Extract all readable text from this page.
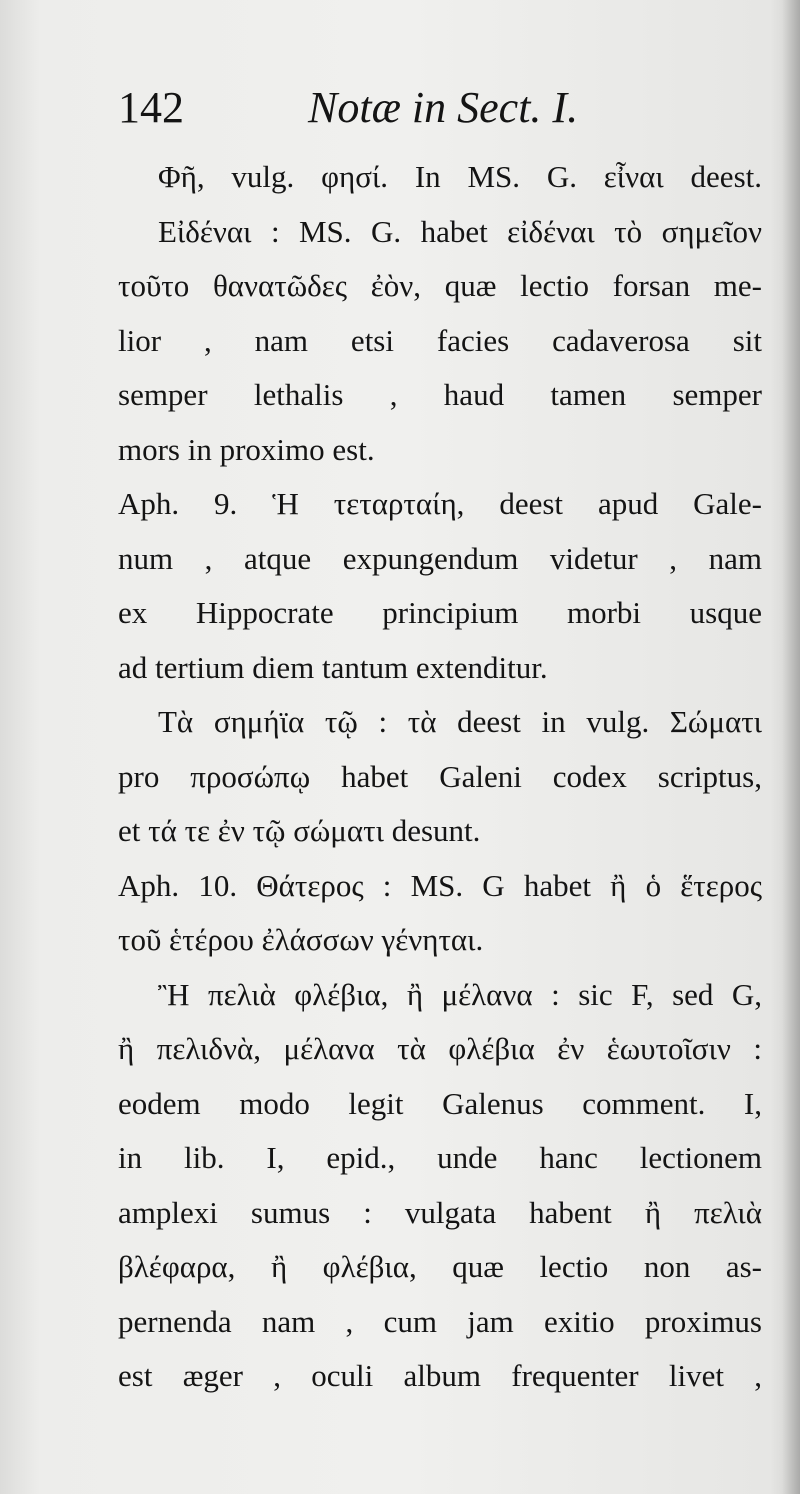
142	Notæ in Sect. I.
Φῆ, vulg. φησί. In MS. G. εἶναι deest.
Εἰδέναι : MS. G. habet εἰδέναι τὸ σημεῖον
τοῦτο θανατῶδες ἐὸν, quæ lectio forsan me-
lior , nam etsi facies cadaverosa sit
semper lethalis , haud tamen semper
mors in proximo est.
Aph. 9. Ἡ τεταρταίη, deest apud Gale-
num , atque expungendum videtur , nam
ex Hippocrate principium morbi usque
ad tertium diem tantum extenditur.
Τὰ σημήϊα τῷ : τὰ deest in vulg. Σώματι
pro προσώπῳ habet Galeni codex scriptus,
et τά τε ἐν τῷ σώματι desunt.
Aph. 10. Θάτερος : MS. G habet ἢ ὁ ἕτερος
τοῦ ἑτέρου ἐλάσσων γένηται.
Ἢ πελιὰ φλέβια, ἢ μέλανα : sic F, sed G,
ἢ πελιδνὰ, μέλανα τὰ φλέβια ἐν ἑωυτοῖσιν :
eodem modo legit Galenus comment. I,
in lib. I, epid., unde hanc lectionem
amplexi sumus : vulgata habent ἢ πελιὰ
βλέφαρα, ἢ φλέβια, quæ lectio non as-
pernenda nam , cum jam exitio proximus
est æger , oculi album frequenter livet ,
